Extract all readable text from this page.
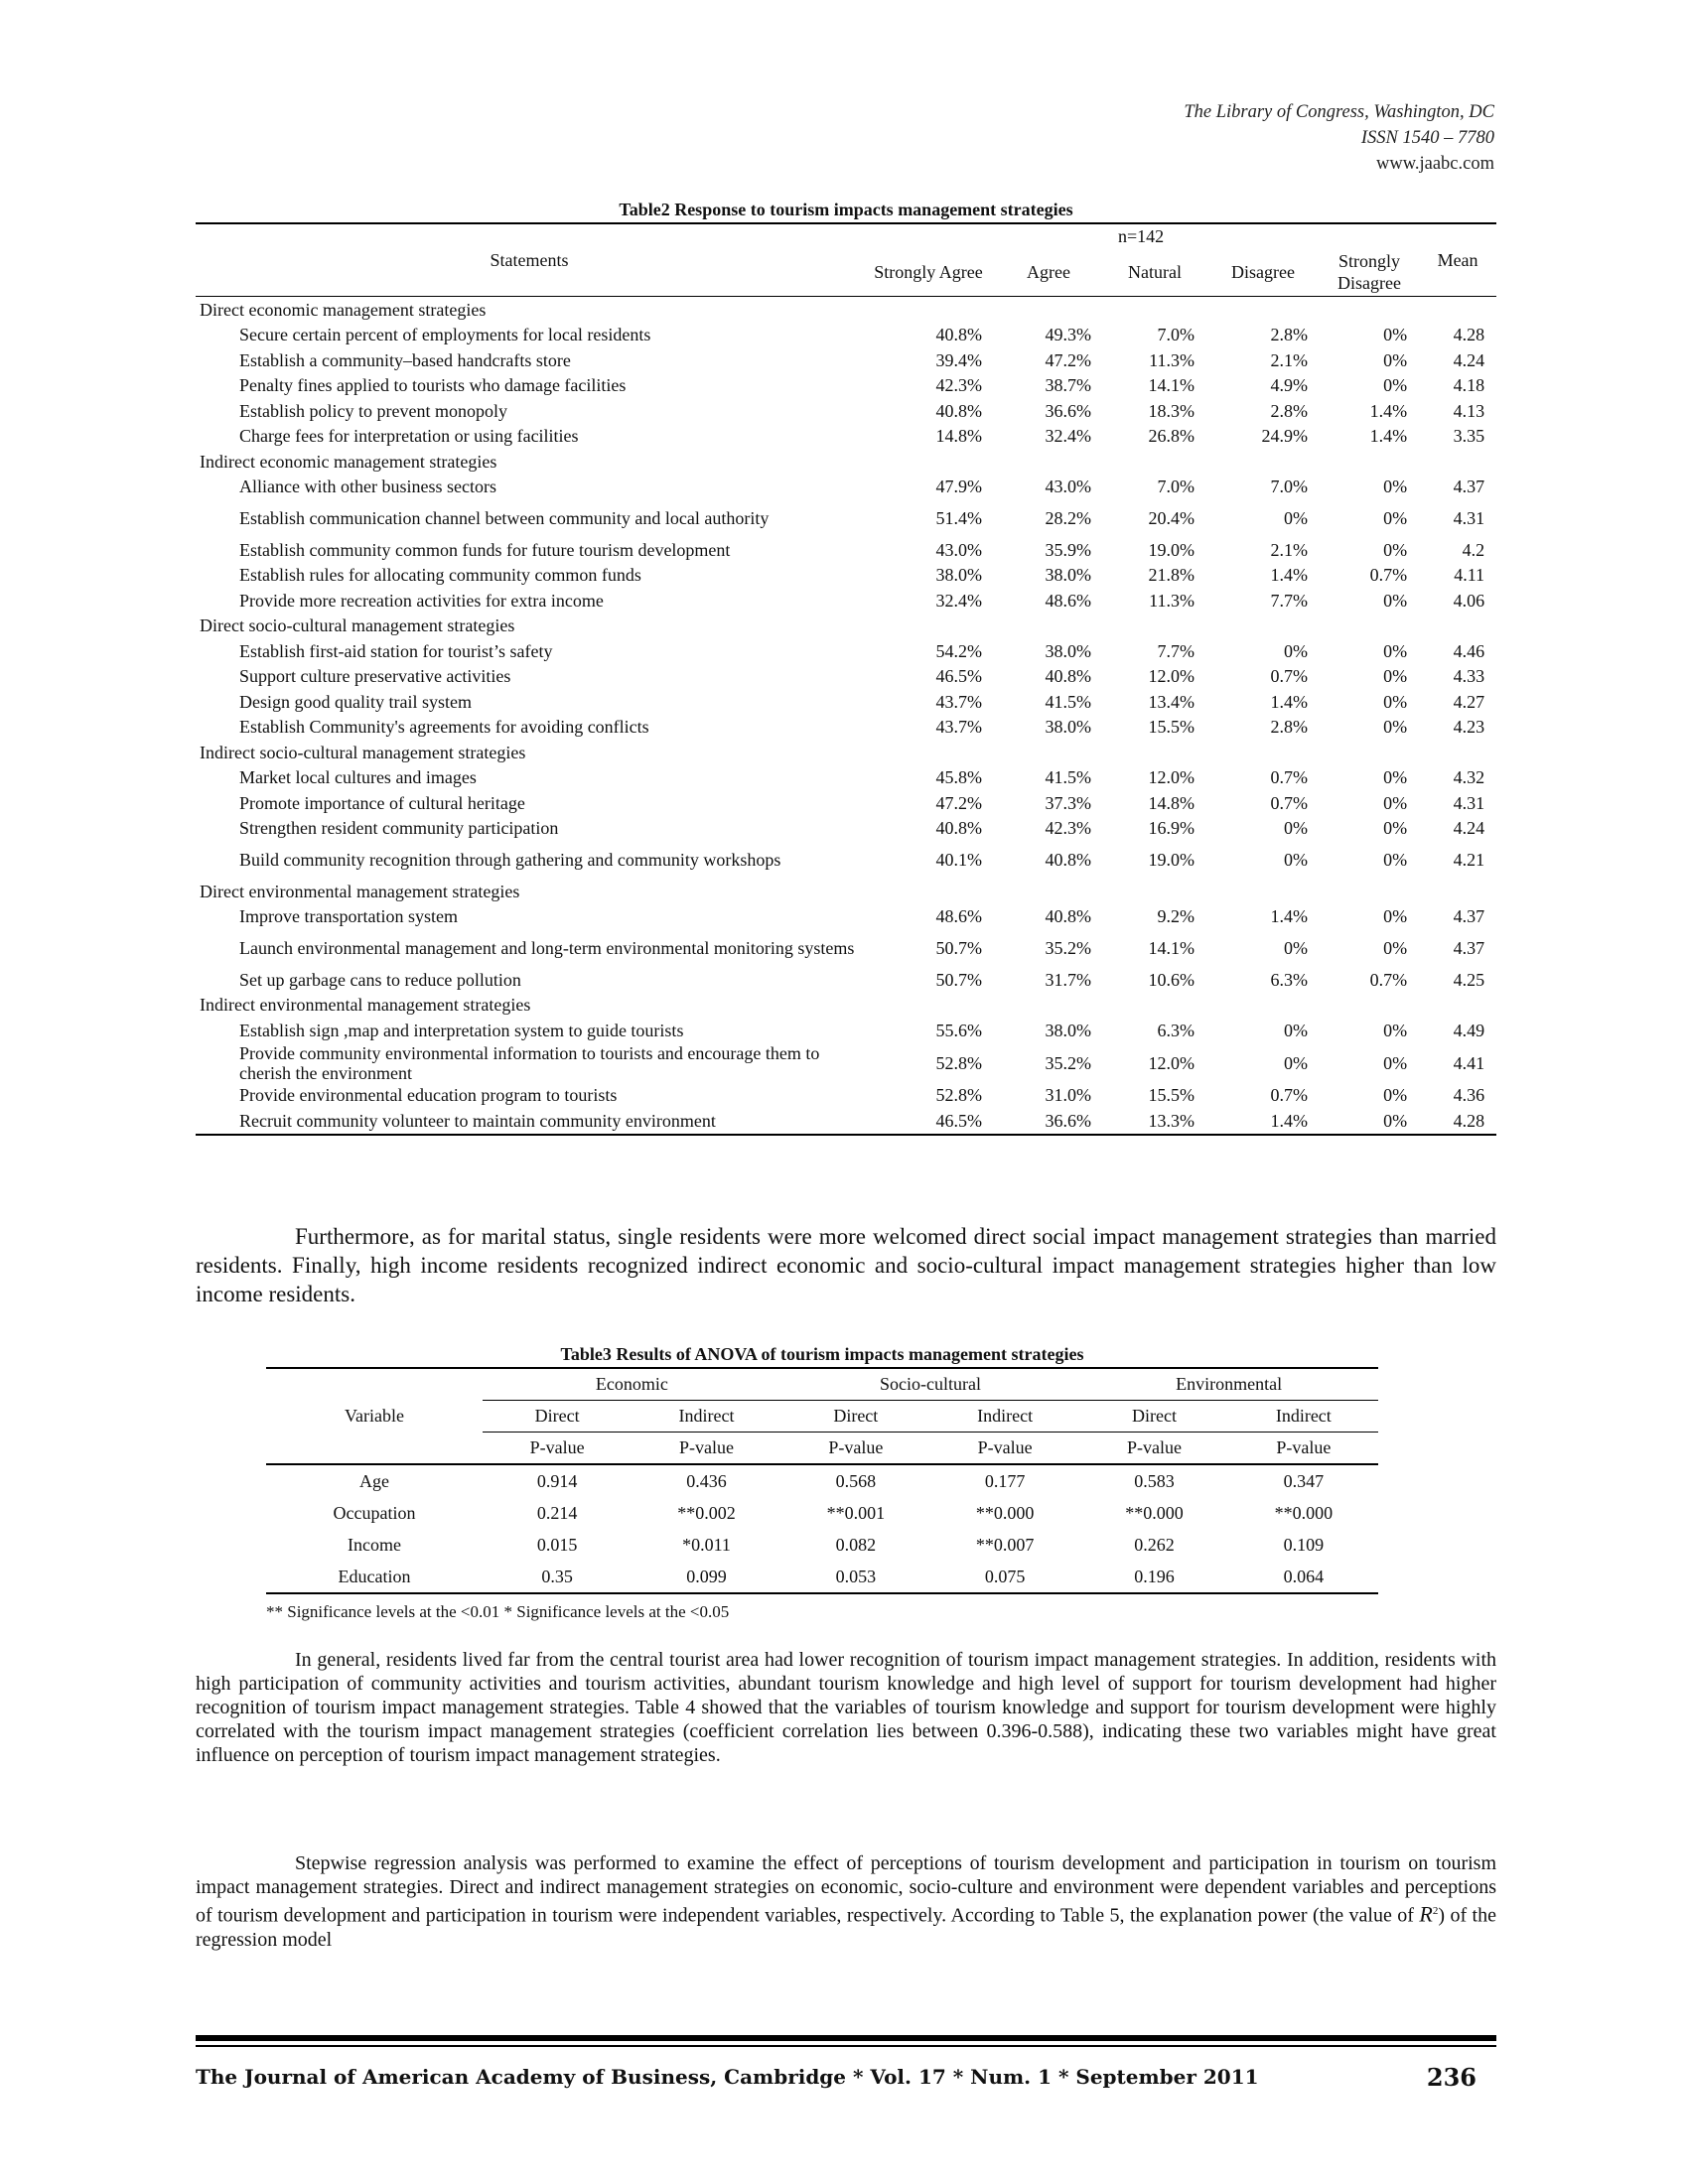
The Library of Congress, Washington, DC
ISSN 1540 – 7780
www.jaabc.com
Table2 Response to tourism impacts management strategies
Statements	n=142					Mean
	Strongly Agree	Agree	Natural	Disagree	Strongly Disagree	
Direct economic management strategies						
Secure certain percent of employments for local residents	40.8%	49.3%	7.0%	2.8%	0%	4.28
Establish a community–based handcrafts store	39.4%	47.2%	11.3%	2.1%	0%	4.24
Penalty fines applied to tourists who damage facilities	42.3%	38.7%	14.1%	4.9%	0%	4.18
Establish policy to prevent monopoly	40.8%	36.6%	18.3%	2.8%	1.4%	4.13
Charge fees for interpretation or using facilities	14.8%	32.4%	26.8%	24.9%	1.4%	3.35
Indirect economic management strategies						
Alliance with other business sectors	47.9%	43.0%	7.0%	7.0%	0%	4.37
Establish communication channel between community and local authority	51.4%	28.2%	20.4%	0%	0%	4.31
Establish community common funds for future tourism development	43.0%	35.9%	19.0%	2.1%	0%	4.2
Establish rules for allocating community common funds	38.0%	38.0%	21.8%	1.4%	0.7%	4.11
Provide more recreation activities for extra income	32.4%	48.6%	11.3%	7.7%	0%	4.06
Direct socio-cultural management strategies						
Establish first-aid station for tourist’s safety	54.2%	38.0%	7.7%	0%	0%	4.46
Support culture preservative activities	46.5%	40.8%	12.0%	0.7%	0%	4.33
Design good quality trail system	43.7%	41.5%	13.4%	1.4%	0%	4.27
Establish Community's agreements for avoiding conflicts	43.7%	38.0%	15.5%	2.8%	0%	4.23
Indirect socio-cultural management strategies						
Market local cultures and images	45.8%	41.5%	12.0%	0.7%	0%	4.32
Promote importance of cultural heritage	47.2%	37.3%	14.8%	0.7%	0%	4.31
Strengthen resident community participation	40.8%	42.3%	16.9%	0%	0%	4.24
Build community recognition through gathering and community workshops	40.1%	40.8%	19.0%	0%	0%	4.21
Direct environmental management strategies						
Improve transportation system	48.6%	40.8%	9.2%	1.4%	0%	4.37
Launch environmental management and long-term environmental monitoring systems	50.7%	35.2%	14.1%	0%	0%	4.37
Set up garbage cans to reduce pollution	50.7%	31.7%	10.6%	6.3%	0.7%	4.25
Indirect environmental management strategies						
Establish sign ,map and interpretation system to guide tourists	55.6%	38.0%	6.3%	0%	0%	4.49
Provide community environmental information to tourists and encourage them to cherish the environment	52.8%	35.2%	12.0%	0%	0%	4.41
Provide environmental education program to tourists	52.8%	31.0%	15.5%	0.7%	0%	4.36
Recruit community volunteer to maintain community environment	46.5%	36.6%	13.3%	1.4%	0%	4.28
Furthermore, as for marital status, single residents were more welcomed direct social impact management strategies than married residents. Finally, high income residents recognized indirect economic and socio-cultural impact management strategies higher than low income residents.
Table3 Results of ANOVA of tourism impacts management strategies
Variable	Economic		Socio-cultural		Environmental	
	Direct	Indirect	Direct	Indirect	Direct	Indirect
	P-value	P-value	P-value	P-value	P-value	P-value
Age	0.914	0.436	0.568	0.177	0.583	0.347
Occupation	0.214	**0.002	**0.001	**0.000	**0.000	**0.000
Income	0.015	*0.011	0.082	**0.007	0.262	0.109
Education	0.35	0.099	0.053	0.075	0.196	0.064
** Significance levels at the <0.01 * Significance levels at the <0.05
In general, residents lived far from the central tourist area had lower recognition of tourism impact management strategies. In addition, residents with high participation of community activities and tourism activities, abundant tourism knowledge and high level of support for tourism development had higher recognition of tourism impact management strategies. Table 4 showed that the variables of tourism knowledge and support for tourism development were highly correlated with the tourism impact management strategies (coefficient correlation lies between 0.396-0.588), indicating these two variables might have great influence on perception of tourism impact management strategies.
Stepwise regression analysis was performed to examine the effect of perceptions of tourism development and participation in tourism on tourism impact management strategies. Direct and indirect management strategies on economic, socio-culture and environment were dependent variables and perceptions of tourism development and participation in tourism were independent variables, respectively. According to Table 5, the explanation power (the value of $R^2$) of the regression model
The Journal of American Academy of Business, Cambridge * Vol. 17 * Num. 1 * September 2011	236
